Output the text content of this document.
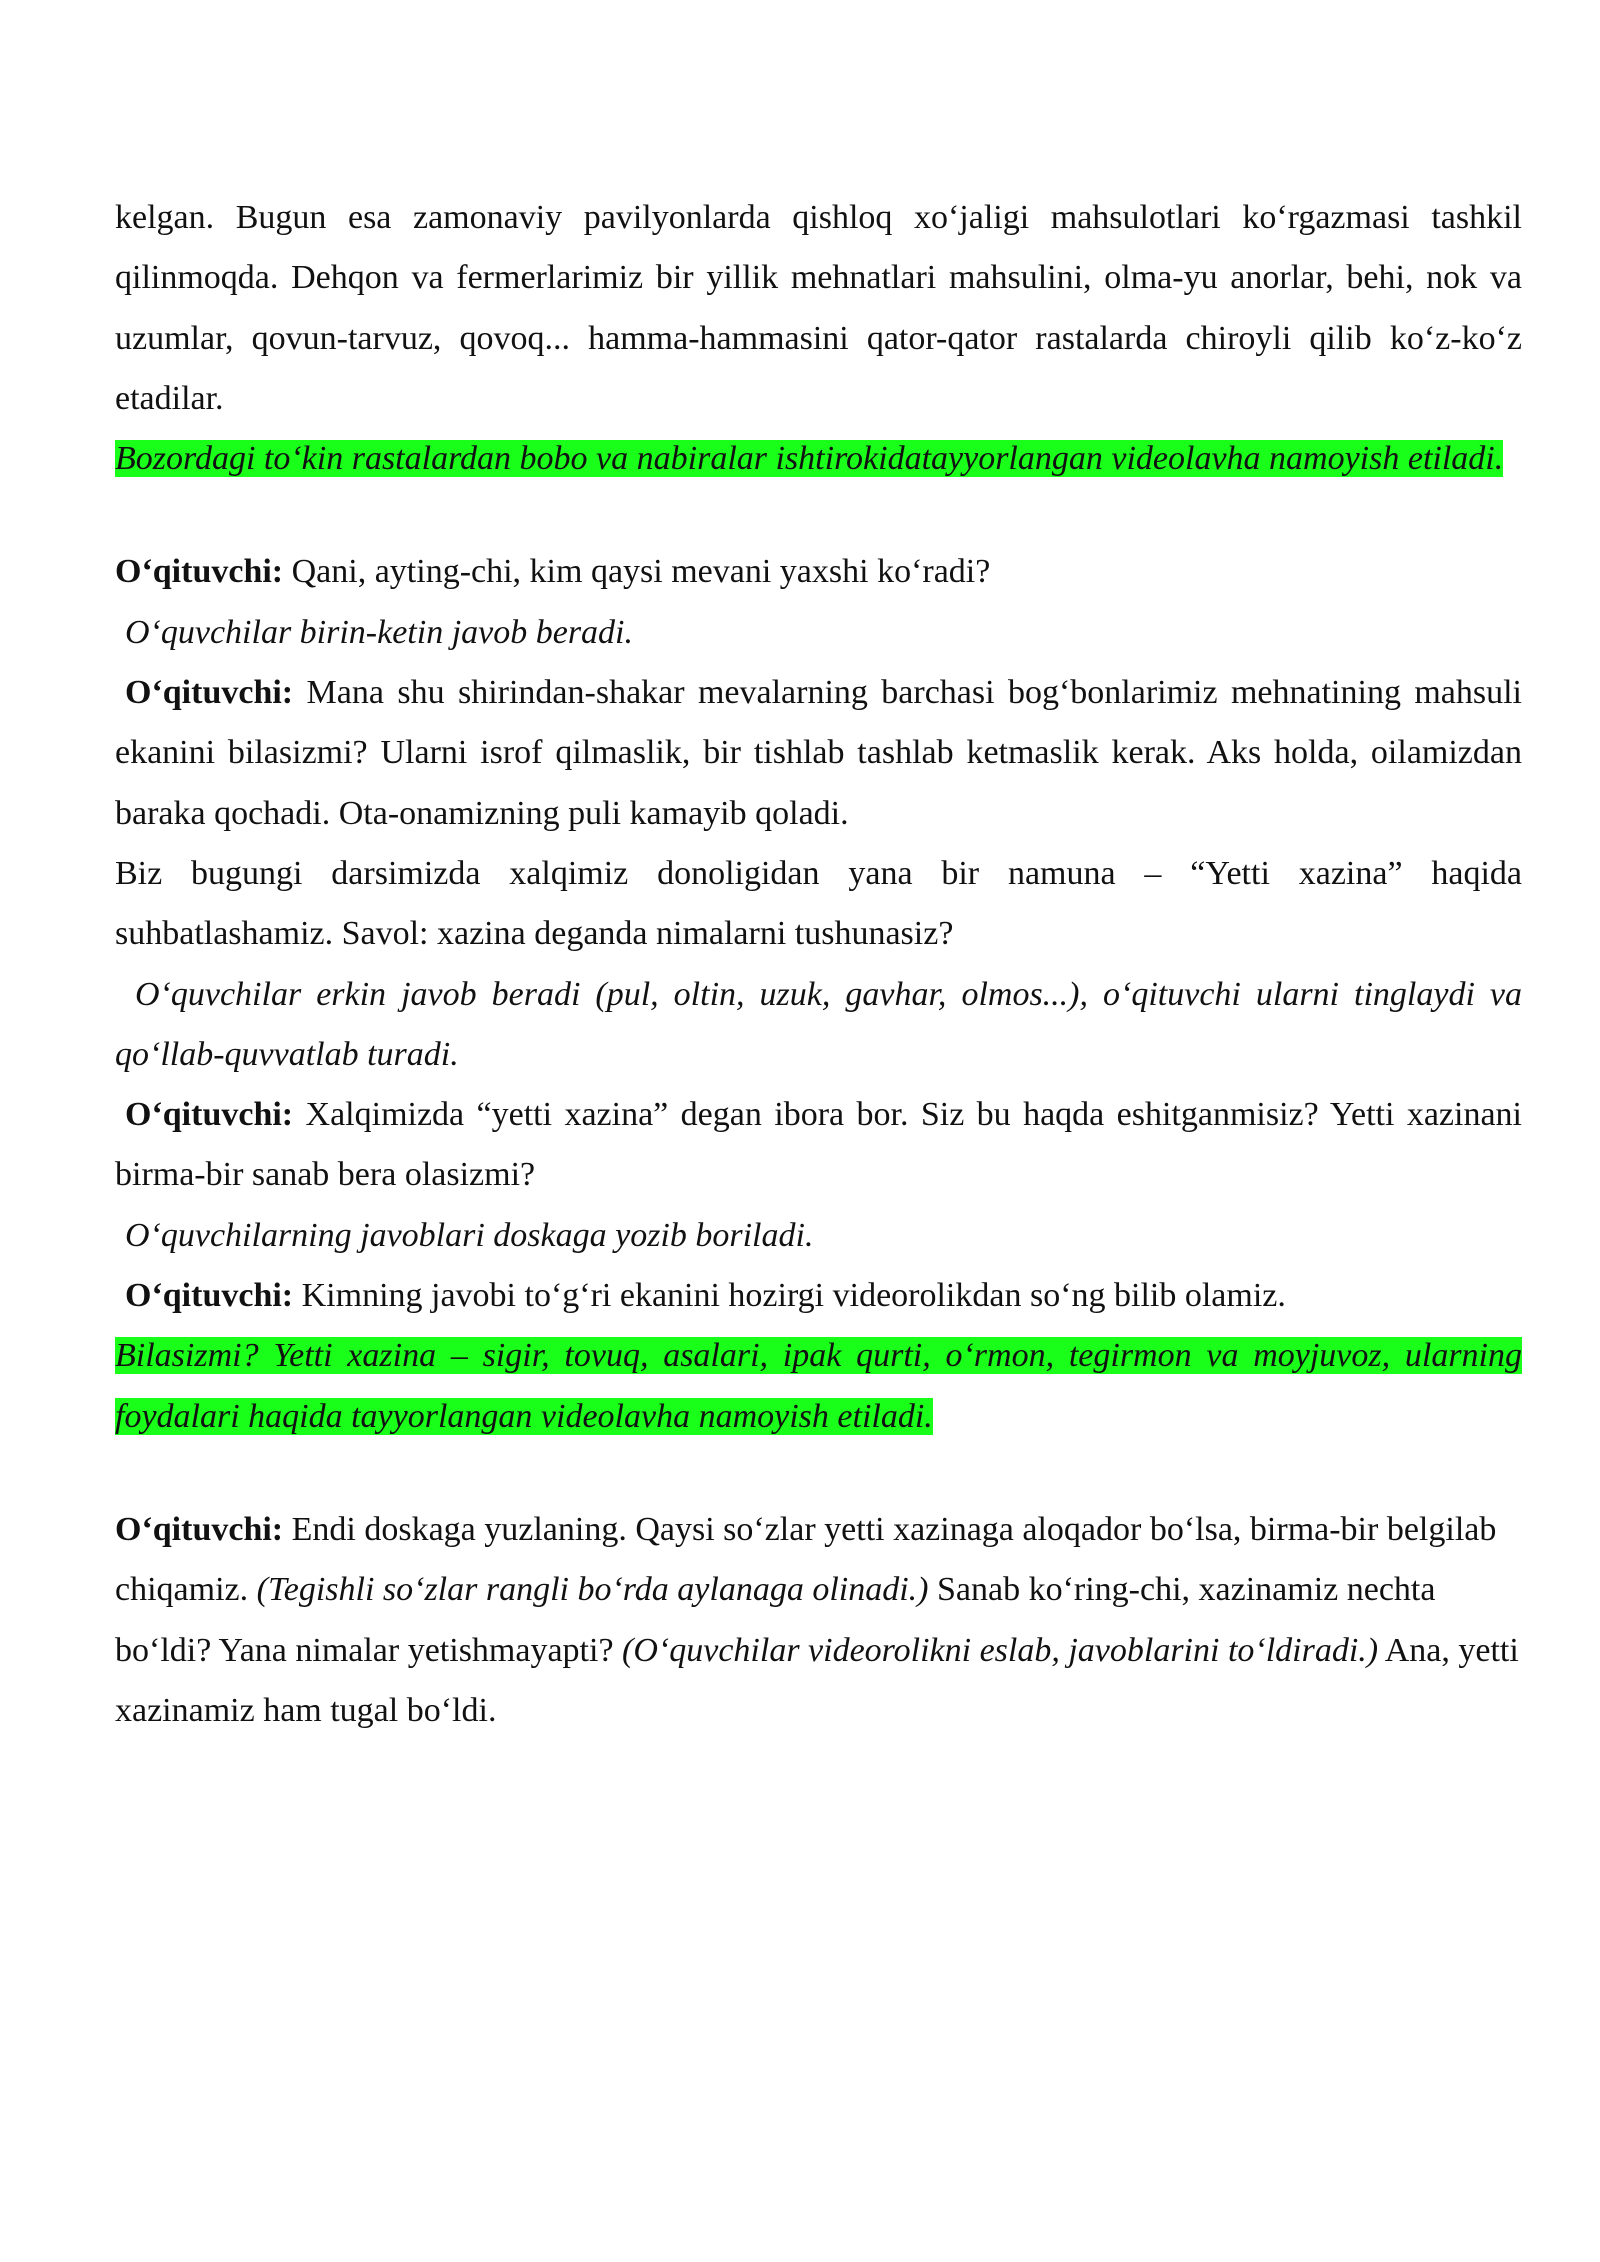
kelgan. Bugun esa zamonaviy pavilyonlarda qishloq xo‘jaligi mahsulotlari ko‘rgazmasi tashkil qilinmoqda. Dehqon va fermerlarimiz bir yillik mehnatlari mahsulini, olma-yu anorlar, behi, nok va uzumlar, qovun-tarvuz, qovoq... hamma-hammasini qator-qator rastalarda chiroyli qilib ko‘z-ko‘z etadilar.

Bozordagi to‘kin rastalardan bobo va nabiralar ishtirokidatayyorlangan videolavha namoyish etiladi.

O‘qituvchi: Qani, ayting-chi, kim qaysi mevani yaxshi ko‘radi?

O‘quvchilar birin-ketin javob beradi.

O‘qituvchi: Mana shu shirindan-shakar mevalarning barchasi bog‘bonlarimiz mehnatining mahsuli ekanini bilasizmi? Ularni isrof qilmaslik, bir tishlab tashlab ketmaslik kerak. Aks holda, oilamizdan baraka qochadi. Ota-onamizning puli kamayib qoladi.

Biz bugungi darsimizda xalqimiz donoligidan yana bir namuna – “Yetti xazina” haqida suhbatlashamiz. Savol: xazina deganda nimalarni tushunasiz?

O‘quvchilar erkin javob beradi (pul, oltin, uzuk, gavhar, olmos...), o‘qituvchi ularni tinglaydi va qo‘llab-quvvatlab turadi.

O‘qituvchi: Xalqimizda “yetti xazina” degan ibora bor. Siz bu haqda eshitganmisiz? Yetti xazinani birma-bir sanab bera olasizmi?

O‘quvchilarning javoblari doskaga yozib boriladi.

O‘qituvchi: Kimning javobi to‘g‘ri ekanini hozirgi videorolikdan so‘ng bilib olamiz.

Bilasizmi? Yetti xazina – sigir, tovuq, asalari, ipak qurti, o‘rmon, tegirmon va moyjuvoz, ularning foydalari haqida tayyorlangan videolavha namoyish etiladi.

O‘qituvchi: Endi doskaga yuzlaning. Qaysi so‘zlar yetti xazinaga aloqador bo‘lsa, birma-bir belgilab chiqamiz. (Tegishli so‘zlar rangli bo‘rda aylanaga olinadi.) Sanab ko‘ring-chi, xazinamiz nechta bo‘ldi? Yana nimalar yetishmayapti? (O‘quvchilar videorolikni eslab, javoblarini to‘ldiradi.) Ana, yetti xazinamiz ham tugal bo‘ldi.
